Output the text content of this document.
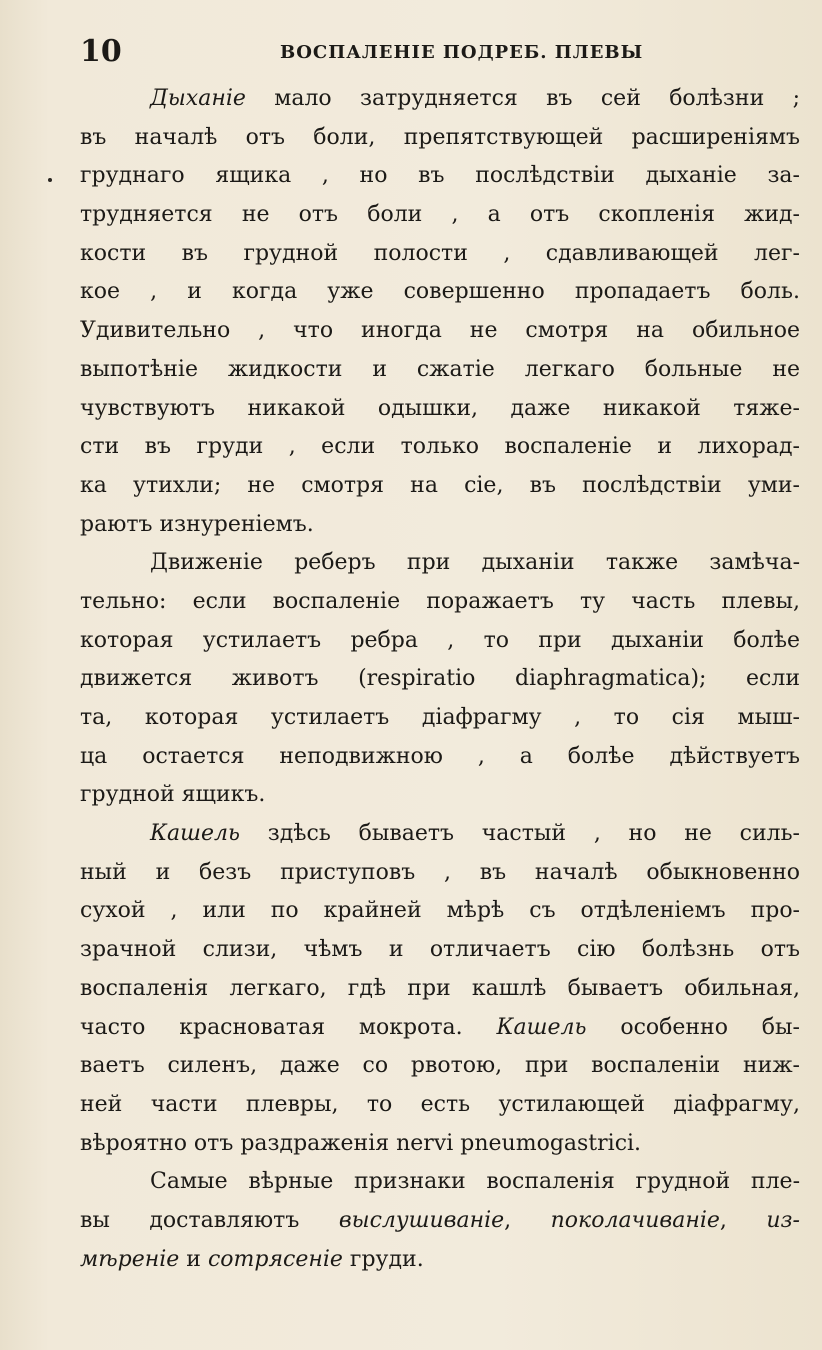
10	ВОСПАЛЕНІЕ ПОДРЕБ. ПЛЕВЫ
Дыханіе мало затрудняется въ сей болѣзни ;
въ началѣ отъ боли, препятствующей расширеніямъ
груднаго ящика , но въ послѣдствіи дыханіе за-
трудняется не отъ боли , а отъ скопленія жид-
кости въ грудной полости , сдавливающей лег-
кое , и когда уже совершенно пропадаетъ боль.
Удивительно , что иногда не смотря на обильное
выпотѣніе жидкости и сжатіе легкаго больные не
чувствуютъ никакой одышки, даже никакой тяже-
сти въ груди , если только воспаленіе и лихорад-
ка утихли; не смотря на сіе, въ послѣдствіи уми-
раютъ изнуреніемъ.
Движеніе реберъ при дыханіи также замѣча-
тельно: если воспаленіе поражаетъ ту часть плевы,
которая устилаетъ ребра , то при дыханіи болѣе
движется животъ (respiratio diaphragmatica); если
та, которая устилаетъ діафрагму , то сія мыш-
ца остается неподвижною , а болѣе дѣйствуетъ
грудной ящикъ.
Кашель здѣсь бываетъ частый , но не силь-
ный и безъ приступовъ , въ началѣ обыкновенно
сухой , или по крайней мѣрѣ съ отдѣленіемъ про-
зрачной слизи, чѣмъ и отличаетъ сію болѣзнь отъ
воспаленія легкаго, гдѣ при кашлѣ бываетъ обильная,
часто красноватая мокрота. Кашель особенно бы-
ваетъ силенъ, даже со рвотою, при воспаленіи ниж-
ней части плевры, то есть устилающей діафрагму,
вѣроятно отъ раздраженія nervi pneumogastrici.
Самые вѣрные признаки воспаленія грудной пле-
вы доставляютъ выслушиваніе, поколачиваніе, из-
мѣреніе и сотрясеніе груди.
